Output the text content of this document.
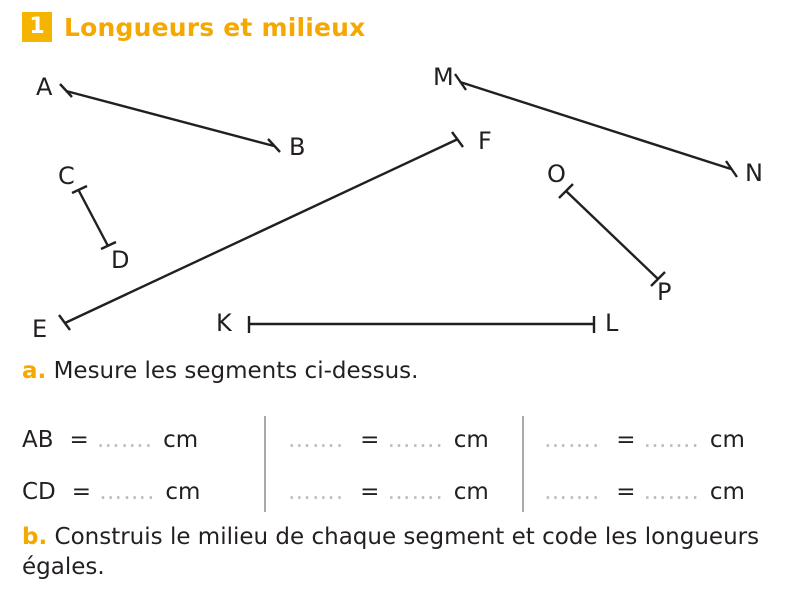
1 Longueurs et milieux
A
B
C
D
E
F
K	L
M
N
O
P
a. Mesure les segments ci-dessus.
AB = ……. cm
CD = ……. cm
……. = ……. cm
……. = ……. cm
……. = ……. cm
……. = ……. cm
b. Construis le milieu de chaque segment et code les longueurs égales.
